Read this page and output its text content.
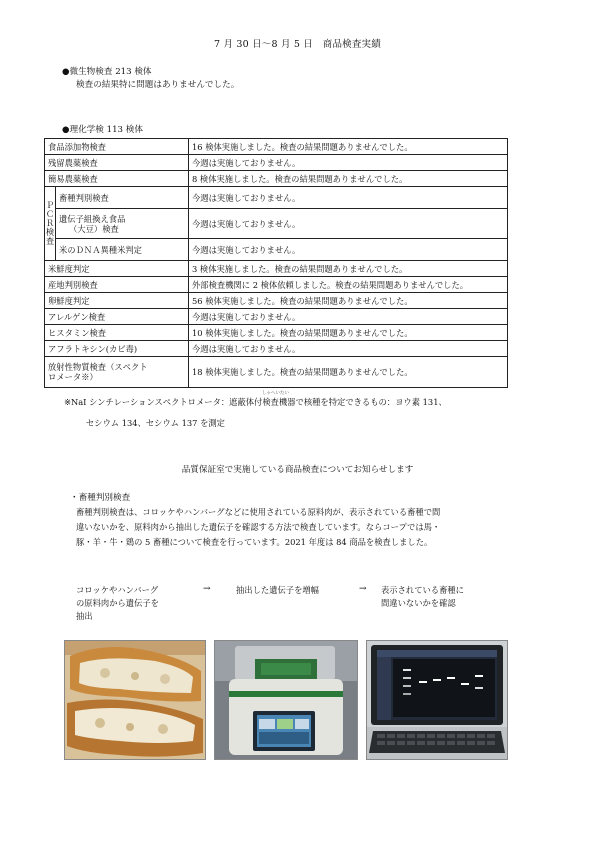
7 月 30 日～8 月 5 日　商品検査実績
●微生物検査 213 検体
検査の結果特に問題はありませんでした。
●理化学検 113 検体
食品添加物検査		16 検体実施しました。検査の結果問題ありませんでした。
残留農薬検査		今週は実施しておりません。
簡易農薬検査		8 検体実施しました。検査の結果問題ありませんでした。

Ｐ
Ｃ
Ｒ
検
査	畜種判別検査	今週は実施しておりません。

	遺伝子組換え食品
（大豆）検査	今週は実施しておりません。
	米のＤＮＡ異種米判定	今週は実施しておりません。
米鮮度判定		3 検体実施しました。検査の結果問題ありませんでした。
産地判別検査		外部検査機関に 2 検体依頼しました。検査の結果問題ありませんでした。
卵鮮度判定		56 検体実施しました。検査の結果問題ありませんでした。
アレルゲン検査		今週は実施しておりません。
ヒスタミン検査		10 検体実施しました。検査の結果問題ありませんでした。
アフラトキシン(カビ毒)		今週は実施しておりません。

放射性物質検査（スペクト
ロメータ※）		18 検体実施しました。検査の結果問題ありませんでした。
しゃへいたい
※NaI シンチレーションスペクトロメータ：遮蔽体付検査機器で核種を特定できるもの：ヨウ素 131、
セシウム 134、セシウム 137 を測定
品質保証室で実施している商品検査についてお知らせします
・畜種判別検査
畜種判別検査は、コロッケやハンバーグなどに使用されている原料肉が、表示されている畜種で間
違いないかを、原料肉から抽出した遺伝子を確認する方法で検査しています。ならコープでは馬・
豚・羊・牛・鶏の 5 畜種について検査を行っています。2021 年度は 84 商品を検査しました。
コロッケやハンバーグ
の原料肉から遺伝子を
抽出
→	抽出した遺伝子を増幅	→ 表示されている畜種に
間違いないかを確認
